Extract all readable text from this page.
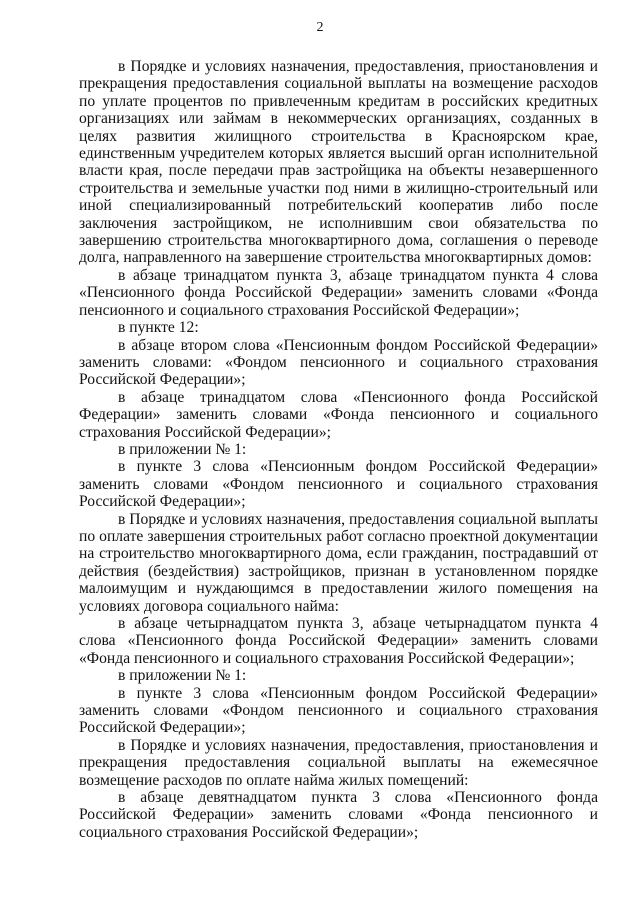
2

в Порядке и условиях назначения, предоставления, приостановления и прекращения предоставления социальной выплаты на возмещение расходов по уплате процентов по привлеченным кредитам в российских кредитных организациях или займам в некоммерческих организациях, созданных в целях развития жилищного строительства в Красноярском крае, единственным учредителем которых является высший орган исполнительной власти края, после передачи прав застройщика на объекты незавершенного строительства и земельные участки под ними в жилищно-строительный или иной специализированный потребительский кооператив либо после заключения застройщиком, не исполнившим свои обязательства по завершению строительства многоквартирного дома, соглашения о переводе долга, направленного на завершение строительства многоквартирных домов:

в абзаце тринадцатом пункта 3, абзаце тринадцатом пункта 4 слова «Пенсионного фонда Российской Федерации» заменить словами «Фонда пенсионного и социального страхования Российской Федерации»;

в пункте 12:

в абзаце втором слова «Пенсионным фондом Российской Федерации» заменить словами: «Фондом пенсионного и социального страхования Российской Федерации»;

в абзаце тринадцатом слова «Пенсионного фонда Российской Федерации» заменить словами «Фонда пенсионного и социального страхования Российской Федерации»;

в приложении № 1:

в пункте 3 слова «Пенсионным фондом Российской Федерации» заменить словами «Фондом пенсионного и социального страхования Российской Федерации»;

в Порядке и условиях назначения, предоставления социальной выплаты по оплате завершения строительных работ согласно проектной документации на строительство многоквартирного дома, если гражданин, пострадавший от действия (бездействия) застройщиков, признан в установленном порядке малоимущим и нуждающимся в предоставлении жилого помещения на условиях договора социального найма:

в абзаце четырнадцатом пункта 3, абзаце четырнадцатом пункта 4 слова «Пенсионного фонда Российской Федерации» заменить словами «Фонда пенсионного и социального страхования Российской Федерации»;

в приложении № 1:

в пункте 3 слова «Пенсионным фондом Российской Федерации» заменить словами «Фондом пенсионного и социального страхования Российской Федерации»;

в Порядке и условиях назначения, предоставления, приостановления и прекращения предоставления социальной выплаты на ежемесячное возмещение расходов по оплате найма жилых помещений:

в абзаце девятнадцатом пункта 3 слова «Пенсионного фонда Российской Федерации» заменить словами «Фонда пенсионного и социального страхования Российской Федерации»;
